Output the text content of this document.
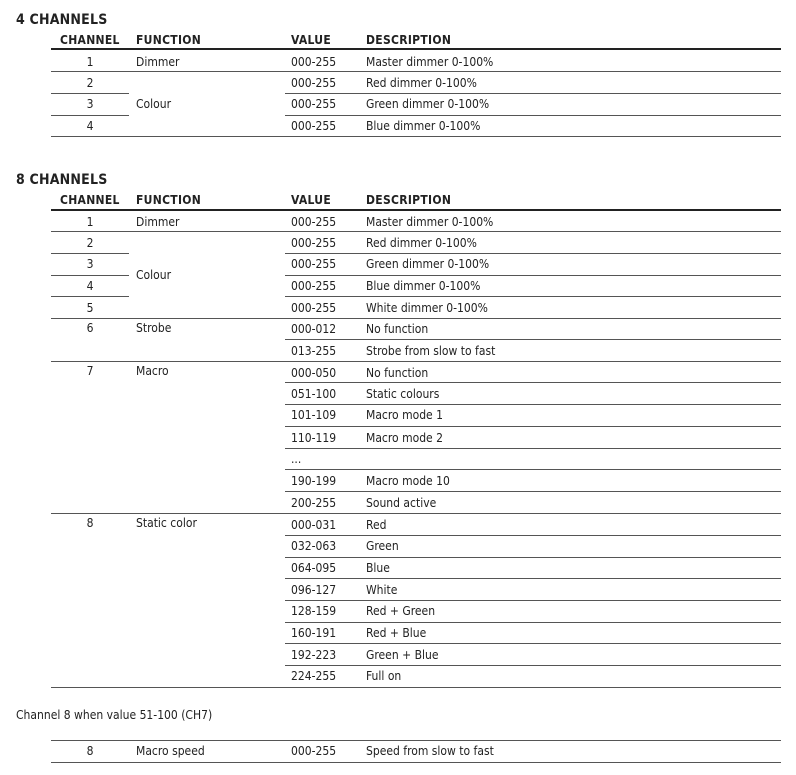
4 CHANNELS
CHANNEL FUNCTION	VALUE	DESCRIPTION
1	Dimmer	000-255 Master dimmer 0-100%
2	000-255 Red dimmer 0-100%
3	Colour	000-255 Green dimmer 0-100%
4	000-255 Blue dimmer 0-100%
8 CHANNELS
CHANNEL FUNCTION	VALUE	DESCRIPTION
1	Dimmer	000-255 Master dimmer 0-100%
2	000-255 Red dimmer 0-100%
3	000-255 Green dimmer 0-100%
Colour
4	000-255 Blue dimmer 0-100%
5	000-255 White dimmer 0-100%
6	Strobe	000-012 No function
013-255 Strobe from slow to fast
7	Macro	000-050 No function
051-100 Static colours
101-109 Macro mode 1
110-119 Macro mode 2
...
190-199 Macro mode 10
200-255 Sound active
8	Static color	000-031 Red
032-063 Green
064-095 Blue
096-127 White
128-159 Red + Green
160-191 Red + Blue
192-223 Green + Blue
224-255 Full on
Channel 8 when value 51-100 (CH7)
8	Macro speed	000-255 Speed from slow to fast
